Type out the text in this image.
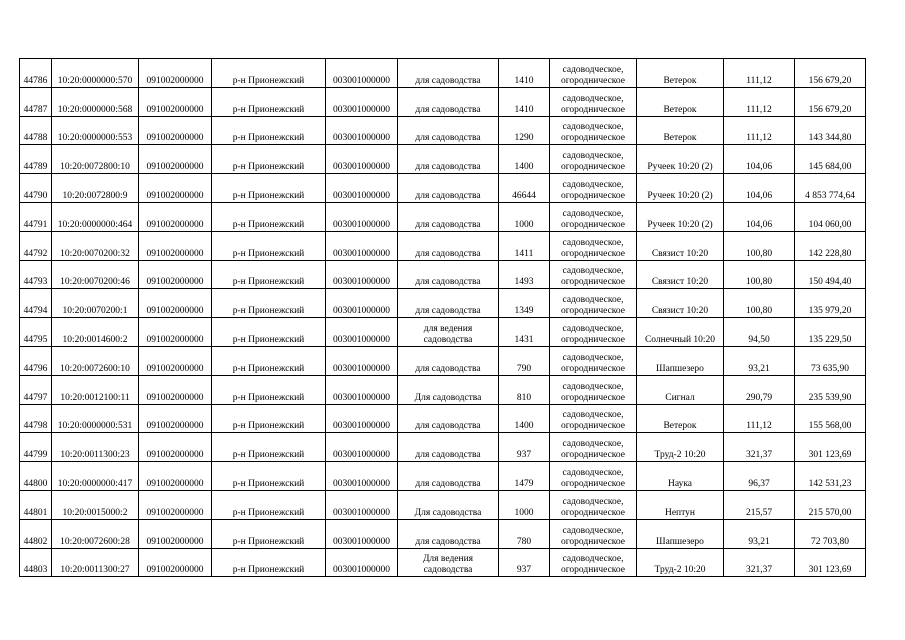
44786	10:20:0000000:570	091002000000	р-н Прионежский	003001000000	для садоводства	1410	садоводческое,
огородническое	Ветерок	111,12	156 679,20
44787	10:20:0000000:568	091002000000	р-н Прионежский	003001000000	для садоводства	1410	садоводческое,
огородническое	Ветерок	111,12	156 679,20
44788	10:20:0000000:553	091002000000	р-н Прионежский	003001000000	для садоводства	1290	садоводческое,
огородническое	Ветерок	111,12	143 344,80
44789	10:20:0072800:10	091002000000	р-н Прионежский	003001000000	для садоводства	1400	садоводческое,
огородническое	Ручеек 10:20 (2)	104,06	145 684,00
44790	10:20:0072800:9	091002000000	р-н Прионежский	003001000000	для садоводства	46644	садоводческое,
огородническое	Ручеек 10:20 (2)	104,06	4 853 774,64
44791	10:20:0000000:464	091002000000	р-н Прионежский	003001000000	для садоводства	1000	садоводческое,
огородническое	Ручеек 10:20 (2)	104,06	104 060,00
44792	10:20:0070200:32	091002000000	р-н Прионежский	003001000000	для садоводства	1411	садоводческое,
огородническое	Связист 10:20	100,80	142 228,80
44793	10:20:0070200:46	091002000000	р-н Прионежский	003001000000	для садоводства	1493	садоводческое,
огородническое	Связист 10:20	100,80	150 494,40
44794	10:20:0070200:1	091002000000	р-н Прионежский	003001000000	для садоводства	1349	садоводческое,
огородническое	Связист 10:20	100,80	135 979,20
44795	10:20:0014600:2	091002000000	р-н Прионежский	003001000000	для ведения
садоводства	1431	садоводческое,
огородническое	Солнечный 10:20	94,50	135 229,50
44796	10:20:0072600:10	091002000000	р-н Прионежский	003001000000	для садоводства	790	садоводческое,
огородническое	Шапшезеро	93,21	73 635,90
44797	10:20:0012100:11	091002000000	р-н Прионежский	003001000000	Для садоводства	810	садоводческое,
огородническое	Сигнал	290,79	235 539,90
44798	10:20:0000000:531	091002000000	р-н Прионежский	003001000000	для садоводства	1400	садоводческое,
огородническое	Ветерок	111,12	155 568,00
44799	10:20:0011300:23	091002000000	р-н Прионежский	003001000000	для садоводства	937	садоводческое,
огородническое	Труд-2 10:20	321,37	301 123,69
44800	10:20:0000000:417	091002000000	р-н Прионежский	003001000000	для садоводства	1479	садоводческое,
огородническое	Наука	96,37	142 531,23
44801	10:20:0015000:2	091002000000	р-н Прионежский	003001000000	Для садоводства	1000	садоводческое,
огородническое	Нептун	215,57	215 570,00
44802	10:20:0072600:28	091002000000	р-н Прионежский	003001000000	для садоводства	780	садоводческое,
огородническое	Шапшезеро	93,21	72 703,80
44803	10:20:0011300:27	091002000000	р-н Прионежский	003001000000	Для ведения
садоводства	937	садоводческое,
огородническое	Труд-2 10:20	321,37	301 123,69
